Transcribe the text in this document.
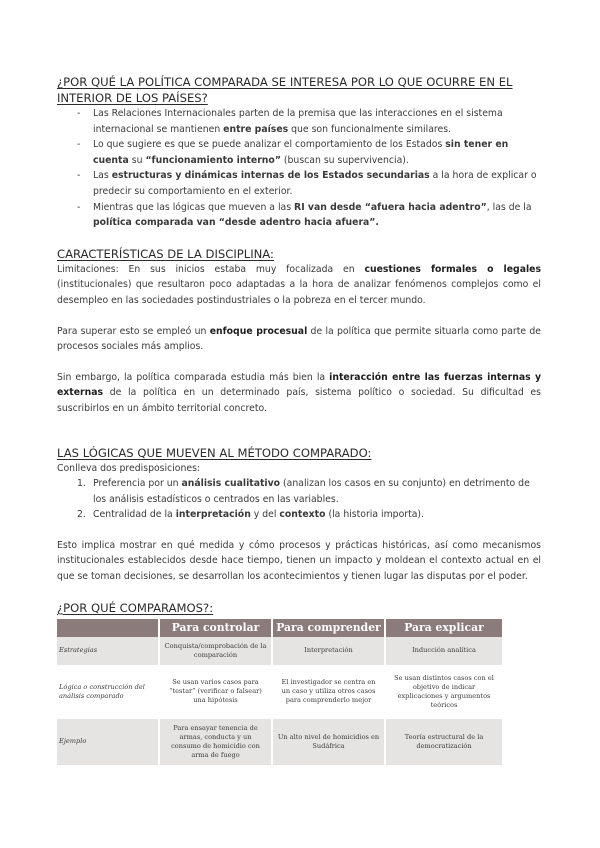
¿POR QUÉ LA POLÍTICA COMPARADA SE INTERESA POR LO QUE OCURRE EN EL INTERIOR DE LOS PAÍSES?
- Las Relaciones Internacionales parten de la premisa que las interacciones en el sistema internacional se mantienen entre países que son funcionalmente similares.
- Lo que sugiere es que se puede analizar el comportamiento de los Estados sin tener en cuenta su “funcionamiento interno” (buscan su supervivencia).
- Las estructuras y dinámicas internas de los Estados secundarias a la hora de explicar o predecir su comportamiento en el exterior.
- Mientras que las lógicas que mueven a las RI van desde “afuera hacia adentro”, las de la política comparada van “desde adentro hacia afuera”.
CARACTERÍSTICAS DE LA DISCIPLINA:

Limitaciones: En sus inicios estaba muy focalizada en cuestiones formales o legales (institucionales) que resultaron poco adaptadas a la hora de analizar fenómenos complejos como el desempleo en las sociedades postindustriales o la pobreza en el tercer mundo.

Para superar esto se empleó un enfoque procesual de la política que permite situarla como parte de procesos sociales más amplios.

Sin embargo, la política comparada estudia más bien la interacción entre las fuerzas internas y externas de la política en un determinado país, sistema político o sociedad. Su dificultad es suscribirlos en un ámbito territorial concreto.

LAS LÓGICAS QUE MUEVEN AL MÉTODO COMPARADO:

Conlleva dos predisposiciones:

1. Preferencia por un análisis cualitativo (analizan los casos en su conjunto) en detrimento de los análisis estadísticos o centrados en las variables.
2. Centralidad de la interpretación y del contexto (la historia importa).

Esto implica mostrar en qué medida y cómo procesos y prácticas históricas, así como mecanismos institucionales establecidos desde hace tiempo, tienen un impacto y moldean el contexto actual en el que se toman decisiones, se desarrollan los acontecimientos y tienen lugar las disputas por el poder.

¿POR QUÉ COMPARAMOS?:
	Para controlar	Para comprender	Para explicar
Estrategias	Conquista/comprobación de la comparación	Interpretación	Inducción analítica
Lógica o construcción del análisis comparado	Se usan varios casos para “testar” (verificar o falsear) una hipótesis	El investigador se centra en un caso y utiliza otros casos para comprenderlo mejor	Se usan distintos casos con el objetivo de indicar explicaciones y argumentos teóricos
Ejemplo	Para ensayar tenencia de armas, conducta y un consumo de homicidio con arma de fuego	Un alto nivel de homicidios en Sudáfrica	Teoría estructural de la democratización
